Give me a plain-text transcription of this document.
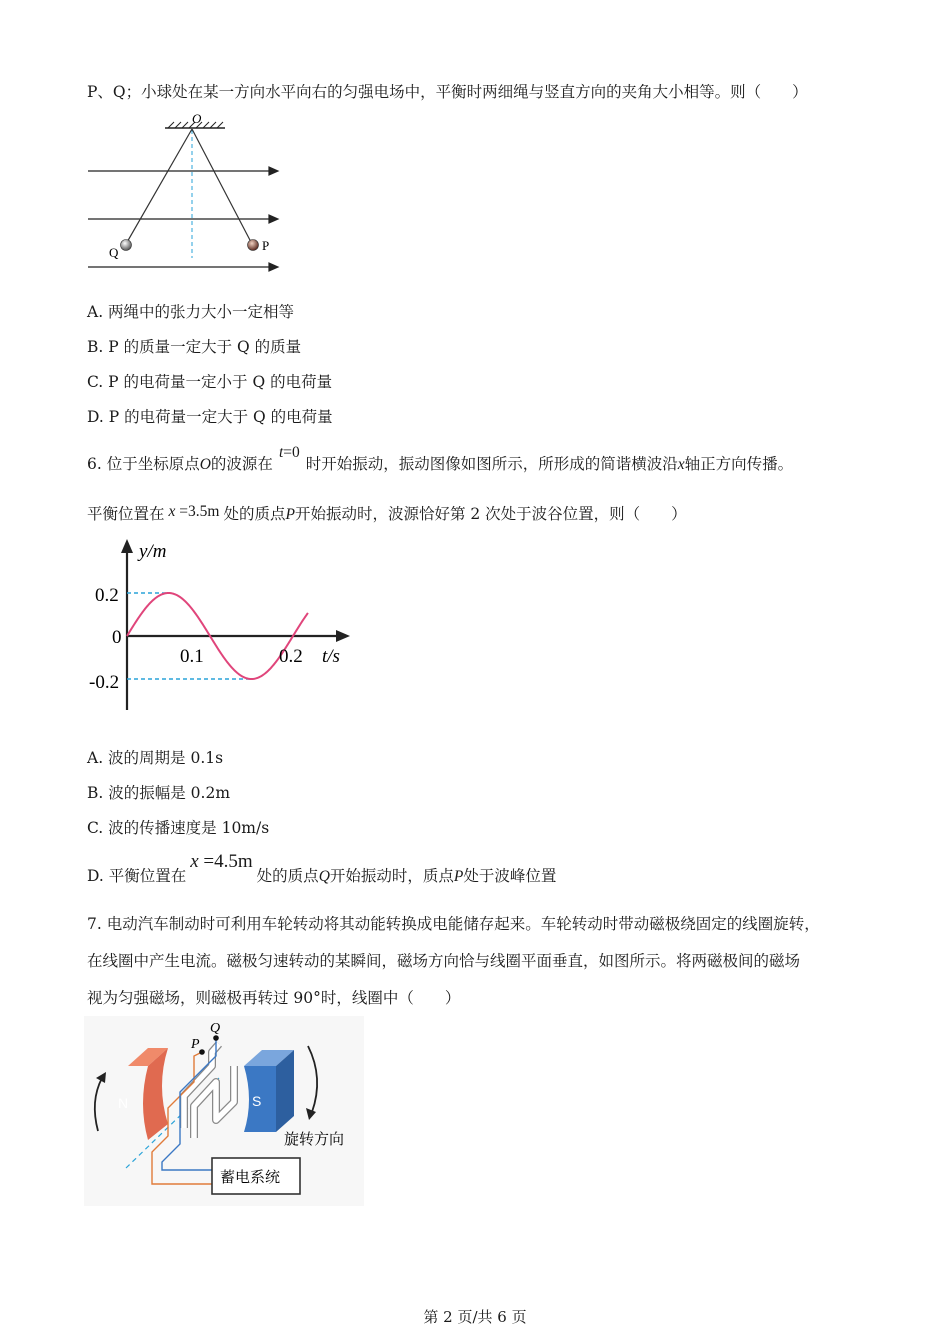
P、Q；小球处在某一方向水平向右的匀强电场中，平衡时两细绳与竖直方向的夹角大小相等。则（　　）
O
Q	P
A. 两绳中的张力大小一定相等
B. P 的质量一定大于 Q 的质量
C. P 的电荷量一定小于 Q 的电荷量
D. P 的电荷量一定大于 Q 的电荷量
6. 位于坐标原点O的波源在t=0时开始振动，振动图像如图所示，所形成的简谐横波沿x轴正方向传播。
平衡位置在 x =3.5m 处的质点P开始振动时，波源恰好第 2 次处于波谷位置，则（　　）
y/m
t/s
0
0.2
-0.2
0.1	0.2
A. 波的周期是 0.1s
B. 波的振幅是 0.2m
C. 波的传播速度是 10m/s
D. 平衡位置在x =4.5m处的质点Q开始振动时，质点P处于波峰位置
7. 电动汽车制动时可利用车轮转动将其动能转换成电能储存起来。车轮转动时带动磁极绕固定的线圈旋转，
在线圈中产生电流。磁极匀速转动的某瞬间，磁场方向恰与线圈平面垂直，如图所示。将两磁极间的磁场
视为匀强磁场，则磁极再转过 90°时，线圈中（　　）
N
P
Q
S
旋转方向
蓄电系统
第 2 页/共 6 页
